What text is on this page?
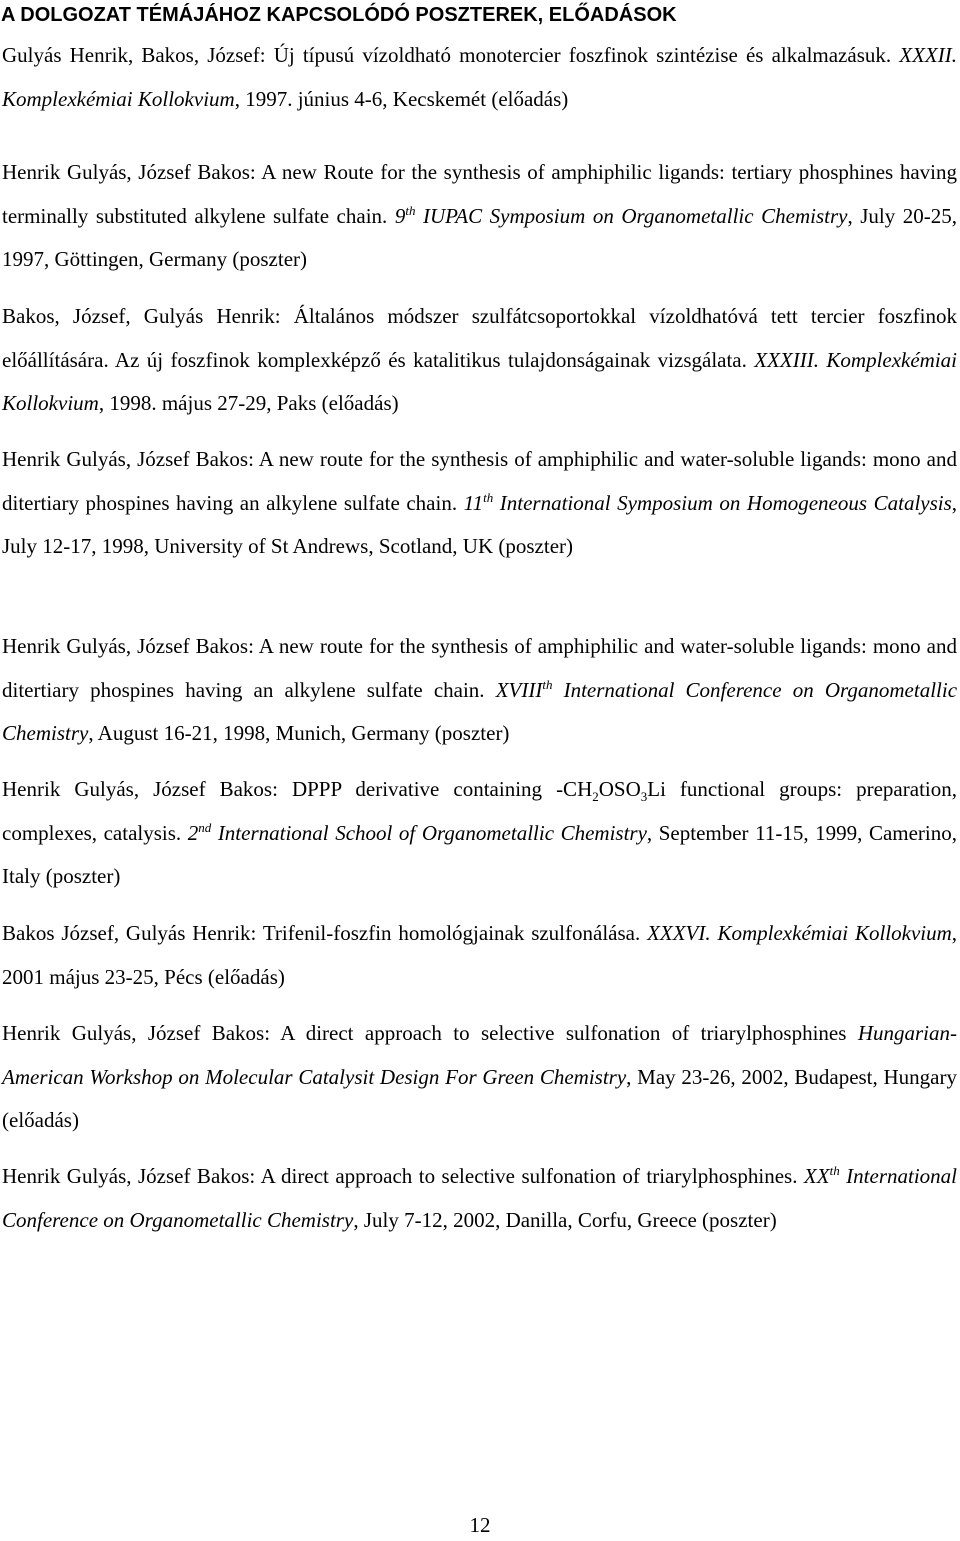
A DOLGOZAT TÉMÁJÁHOZ KAPCSOLÓDÓ POSZTEREK, ELŐADÁSOK

Gulyás Henrik, Bakos, József: Új típusú vízoldható monotercier foszfinok szintézise és alkalmazásuk. XXXII. Komplexkémiai Kollokvium, 1997. június 4-6, Kecskemét (előadás)

Henrik Gulyás, József Bakos: A new Route for the synthesis of amphiphilic ligands: tertiary phosphines having terminally substituted alkylene sulfate chain. 9th IUPAC Symposium on Organometallic Chemistry, July 20-25, 1997, Göttingen, Germany (poszter)

Bakos, József, Gulyás Henrik: Általános módszer szulfátcsoportokkal vízoldhatóvá tett tercier foszfinok előállítására. Az új foszfinok komplexképző és katalitikus tulajdonságainak vizsgálata. XXXIII. Komplexkémiai Kollokvium, 1998. május 27-29, Paks (előadás)

Henrik Gulyás, József Bakos: A new route for the synthesis of amphiphilic and water-soluble ligands: mono and ditertiary phospines having an alkylene sulfate chain. 11th International Symposium on Homogeneous Catalysis, July 12-17, 1998, University of St Andrews, Scotland, UK (poszter)

Henrik Gulyás, József Bakos: A new route for the synthesis of amphiphilic and water-soluble ligands: mono and ditertiary phospines having an alkylene sulfate chain. XVIIIth International Conference on Organometallic Chemistry, August 16-21, 1998, Munich, Germany (poszter)

Henrik Gulyás, József Bakos: DPPP derivative containing $-CH_2OSO_3Li$ functional groups: preparation, complexes, catalysis. 2nd International School of Organometallic Chemistry, September 11-15, 1999, Camerino, Italy (poszter)

Bakos József, Gulyás Henrik: Trifenil-foszfin homológjainak szulfonálása. XXXVI. Komplexkémiai Kollokvium, 2001 május 23-25, Pécs (előadás)

Henrik Gulyás, József Bakos: A direct approach to selective sulfonation of triarylphosphines Hungarian-American Workshop on Molecular Catalysit Design For Green Chemistry, May 23-26, 2002, Budapest, Hungary (előadás)

Henrik Gulyás, József Bakos: A direct approach to selective sulfonation of triarylphosphines. XXth International Conference on Organometallic Chemistry, July 7-12, 2002, Danilla, Corfu, Greece (poszter)

12
